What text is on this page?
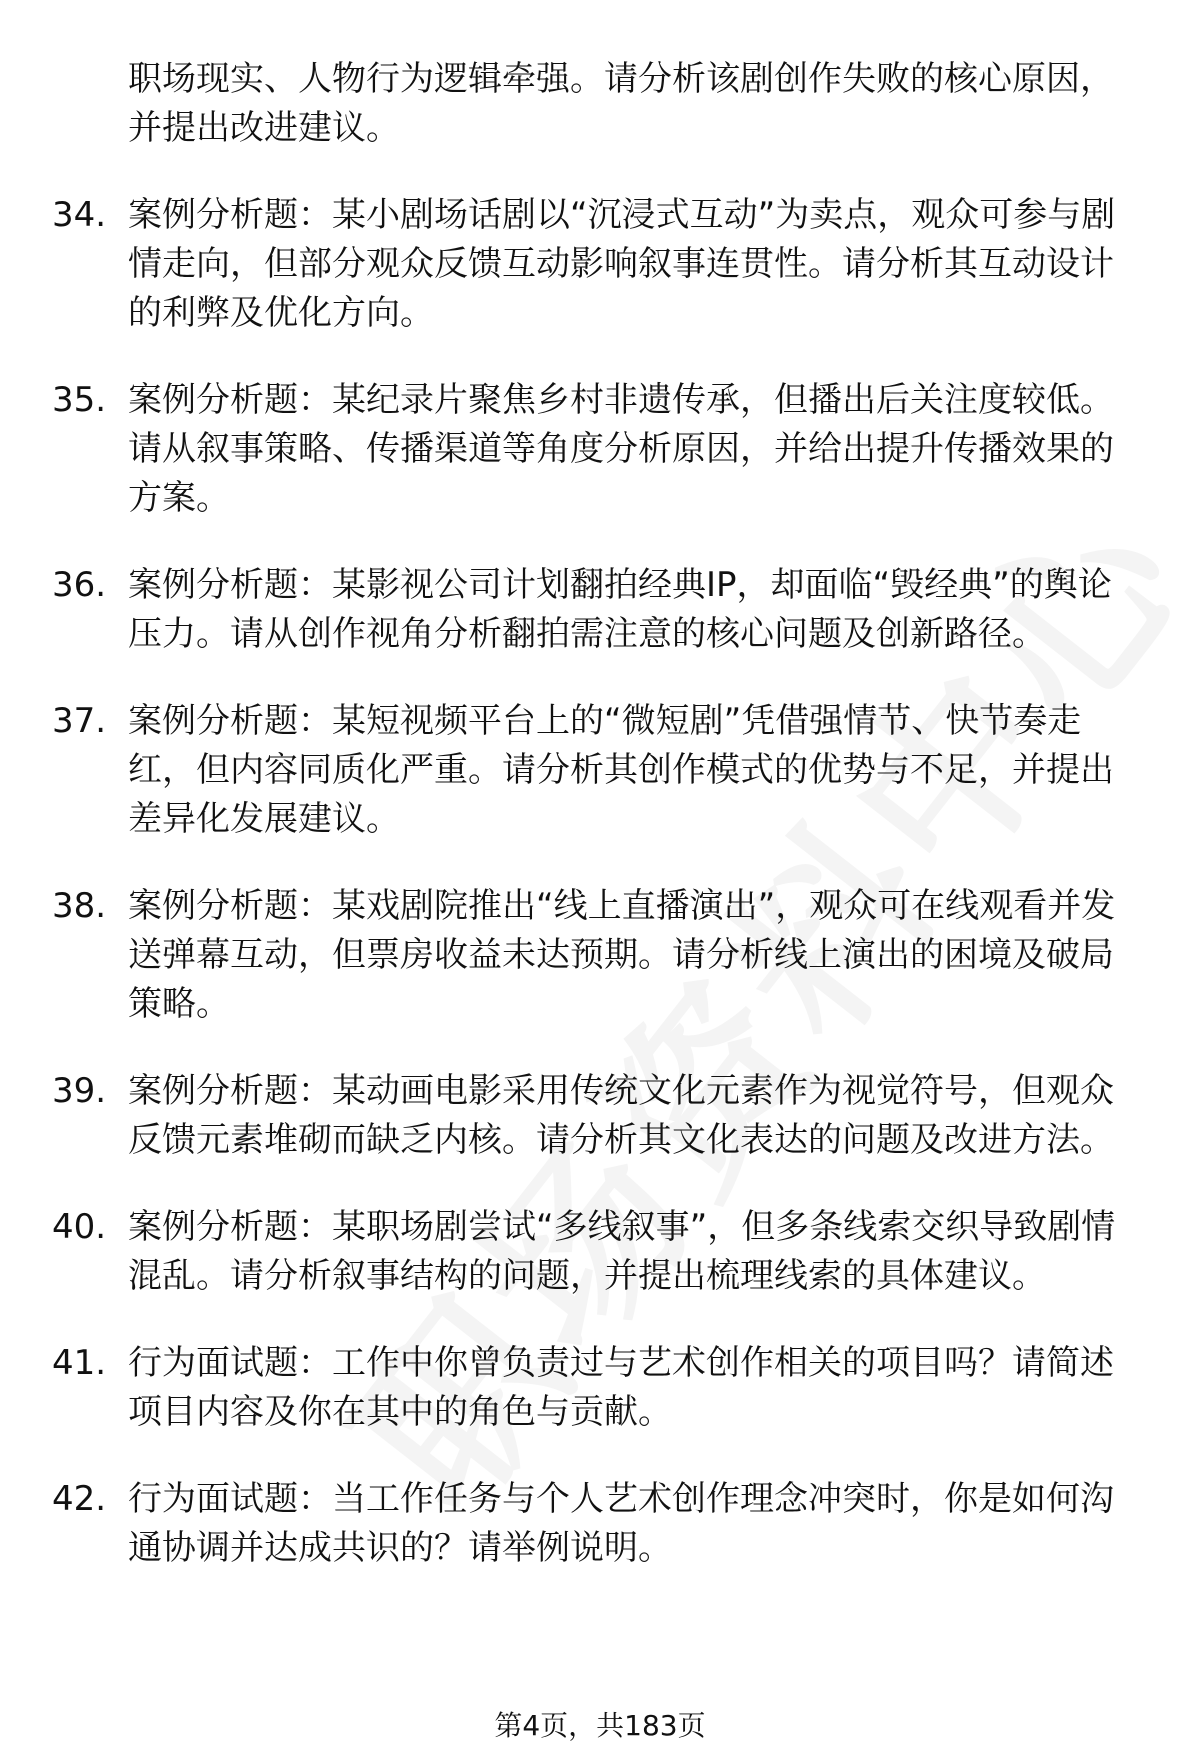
职场现实、人物行为逻辑牵强。请分析该剧创作失败的核心原因，并提出改进建议。
34. 案例分析题：某小剧场话剧以“沉浸式互动”为卖点，观众可参与剧情走向，但部分观众反馈互动影响叙事连贯性。请分析其互动设计的利弊及优化方向。
35. 案例分析题：某纪录片聚焦乡村非遗传承，但播出后关注度较低。请从叙事策略、传播渠道等角度分析原因，并给出提升传播效果的方案。
36. 案例分析题：某影视公司计划翻拍经典IP，却面临“毁经典”的舆论压力。请从创作视角分析翻拍需注意的核心问题及创新路径。
37. 案例分析题：某短视频平台上的“微短剧”凭借强情节、快节奏走红，但内容同质化严重。请分析其创作模式的优势与不足，并提出差异化发展建议。
38. 案例分析题：某戏剧院推出“线上直播演出”，观众可在线观看并发送弹幕互动，但票房收益未达预期。请分析线上演出的困境及破局策略。
39. 案例分析题：某动画电影采用传统文化元素作为视觉符号，但观众反馈元素堆砌而缺乏内核。请分析其文化表达的问题及改进方法。
40. 案例分析题：某职场剧尝试“多线叙事”，但多条线索交织导致剧情混乱。请分析叙事结构的问题，并提出梳理线索的具体建议。
41. 行为面试题：工作中你曾负责过与艺术创作相关的项目吗？请简述项目内容及你在其中的角色与贡献。
42. 行为面试题：当工作任务与个人艺术创作理念冲突时，你是如何沟通协调并达成共识的？请举例说明。
第4页，共183页
